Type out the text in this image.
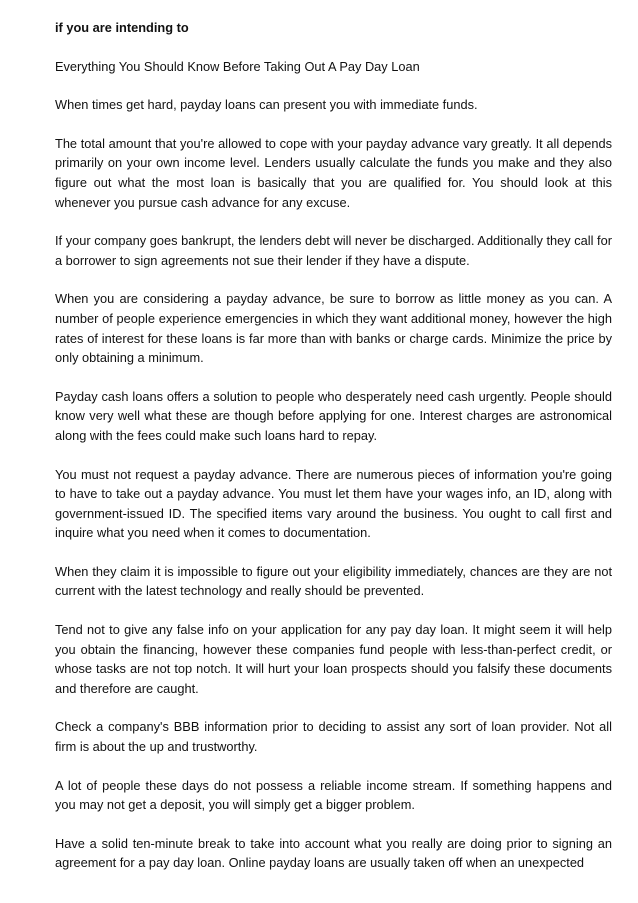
if you are intending to

Everything You Should Know Before Taking Out A Pay Day Loan

When times get hard, payday loans can present you with immediate funds.

The total amount that you're allowed to cope with your payday advance vary greatly. It all depends primarily on your own income level. Lenders usually calculate the funds you make and they also figure out what the most loan is basically that you are qualified for. You should look at this whenever you pursue cash advance for any excuse.

If your company goes bankrupt, the lenders debt will never be discharged. Additionally they call for a borrower to sign agreements not sue their lender if they have a dispute.

When you are considering a payday advance, be sure to borrow as little money as you can. A number of people experience emergencies in which they want additional money, however the high rates of interest for these loans is far more than with banks or charge cards. Minimize the price by only obtaining a minimum.

Payday cash loans offers a solution to people who desperately need cash urgently. People should know very well what these are though before applying for one. Interest charges are astronomical along with the fees could make such loans hard to repay.

You must not request a payday advance. There are numerous pieces of information you're going to have to take out a payday advance. You must let them have your wages info, an ID, along with government-issued ID. The specified items vary around the business. You ought to call first and inquire what you need when it comes to documentation.

When they claim it is impossible to figure out your eligibility immediately, chances are they are not current with the latest technology and really should be prevented.

Tend not to give any false info on your application for any pay day loan. It might seem it will help you obtain the financing, however these companies fund people with less-than-perfect credit, or whose tasks are not top notch. It will hurt your loan prospects should you falsify these documents and therefore are caught.

Check a company's BBB information prior to deciding to assist any sort of loan provider. Not all firm is about the up and trustworthy.

A lot of people these days do not possess a reliable income stream. If something happens and you may not get a deposit, you will simply get a bigger problem.

Have a solid ten-minute break to take into account what you really are doing prior to signing an agreement for a pay day loan. Online payday loans are usually taken off when an unexpected
